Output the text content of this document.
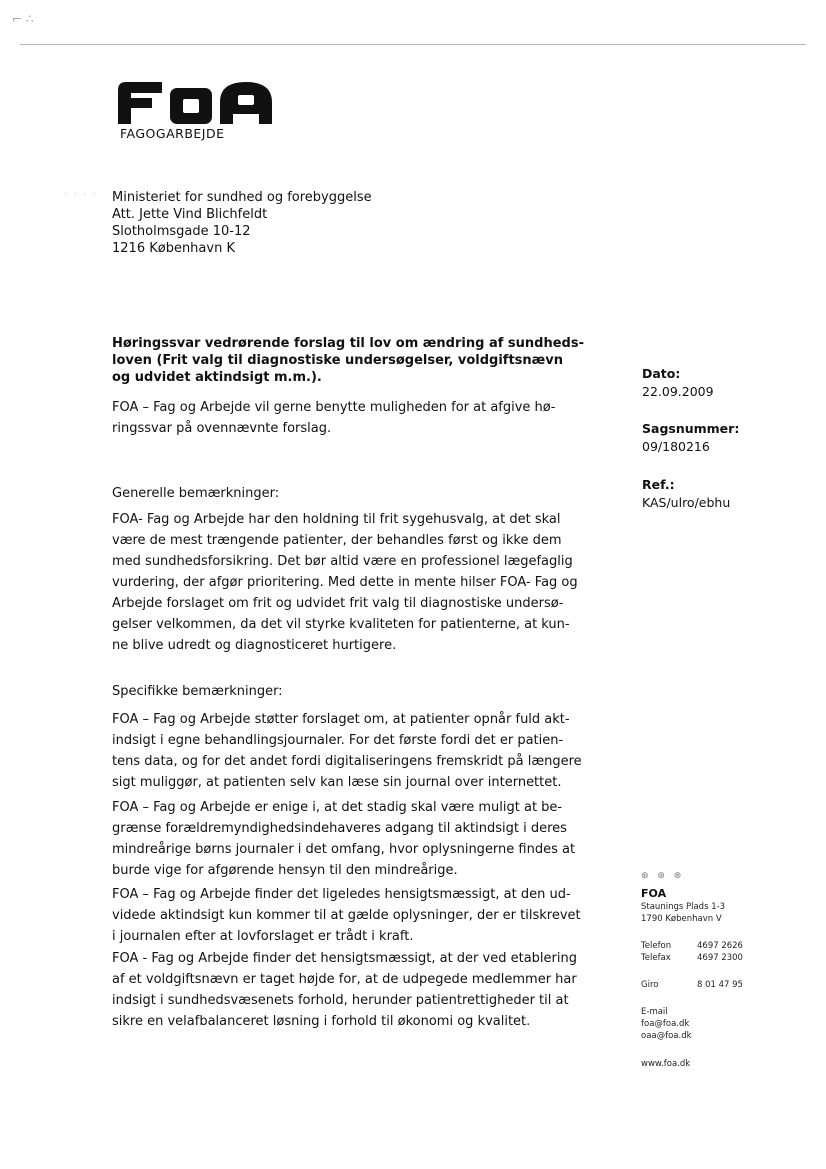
⌐ ∴
FAGOGARBEJDE
· · · · Ministeriet for sundhed og forebyggelse
Att. Jette Vind Blichfeldt
Slotholmsgade 10-12
1216 København K
Høringssvar vedrørende forslag til lov om ændring af sundheds-
loven (Frit valg til diagnostiske undersøgelser, voldgiftsnævn
og udvidet aktindsigt m.m.).
FOA – Fag og Arbejde vil gerne benytte muligheden for at afgive hø-
ringssvar på ovennævnte forslag.
Generelle bemærkninger:
FOA- Fag og Arbejde har den holdning til frit sygehusvalg, at det skal
være de mest trængende patienter, der behandles først og ikke dem
med sundhedsforsikring. Det bør altid være en professionel lægefaglig
vurdering, der afgør prioritering. Med dette in mente hilser FOA- Fag og
Arbejde forslaget om frit og udvidet frit valg til diagnostiske undersø-
gelser velkommen, da det vil styrke kvaliteten for patienterne, at kun-
ne blive udredt og diagnosticeret hurtigere.
Specifikke bemærkninger:
FOA – Fag og Arbejde støtter forslaget om, at patienter opnår fuld akt-
indsigt i egne behandlingsjournaler. For det første fordi det er patien-
tens data, og for det andet fordi digitaliseringens fremskridt på længere
sigt muliggør, at patienten selv kan læse sin journal over internettet.
FOA – Fag og Arbejde er enige i, at det stadig skal være muligt at be-
grænse forældremyndighedsindehaveres adgang til aktindsigt i deres
mindreårige børns journaler i det omfang, hvor oplysningerne findes at
burde vige for afgørende hensyn til den mindreårige.
FOA – Fag og Arbejde finder det ligeledes hensigtsmæssigt, at den ud-
videde aktindsigt kun kommer til at gælde oplysninger, der er tilskrevet
i journalen efter at lovforslaget er trådt i kraft.
FOA - Fag og Arbejde finder det hensigtsmæssigt, at der ved etablering
af et voldgiftsnævn er taget højde for, at de udpegede medlemmer har
indsigt i sundhedsvæsenets forhold, herunder patientrettigheder til at
sikre en velafbalanceret løsning i forhold til økonomi og kvalitet.
Dato:
22.09.2009
Sagsnummer:
09/180216
Ref.:
KAS/ulro/ebhu
⊛ ⊛ ⊛
FOA
Staunings Plads 1-3
1790 København V
Telefon	4697 2626
Telefax	4697 2300
Giro	8 01 47 95
E-mail
foa@foa.dk
oaa@foa.dk
www.foa.dk
